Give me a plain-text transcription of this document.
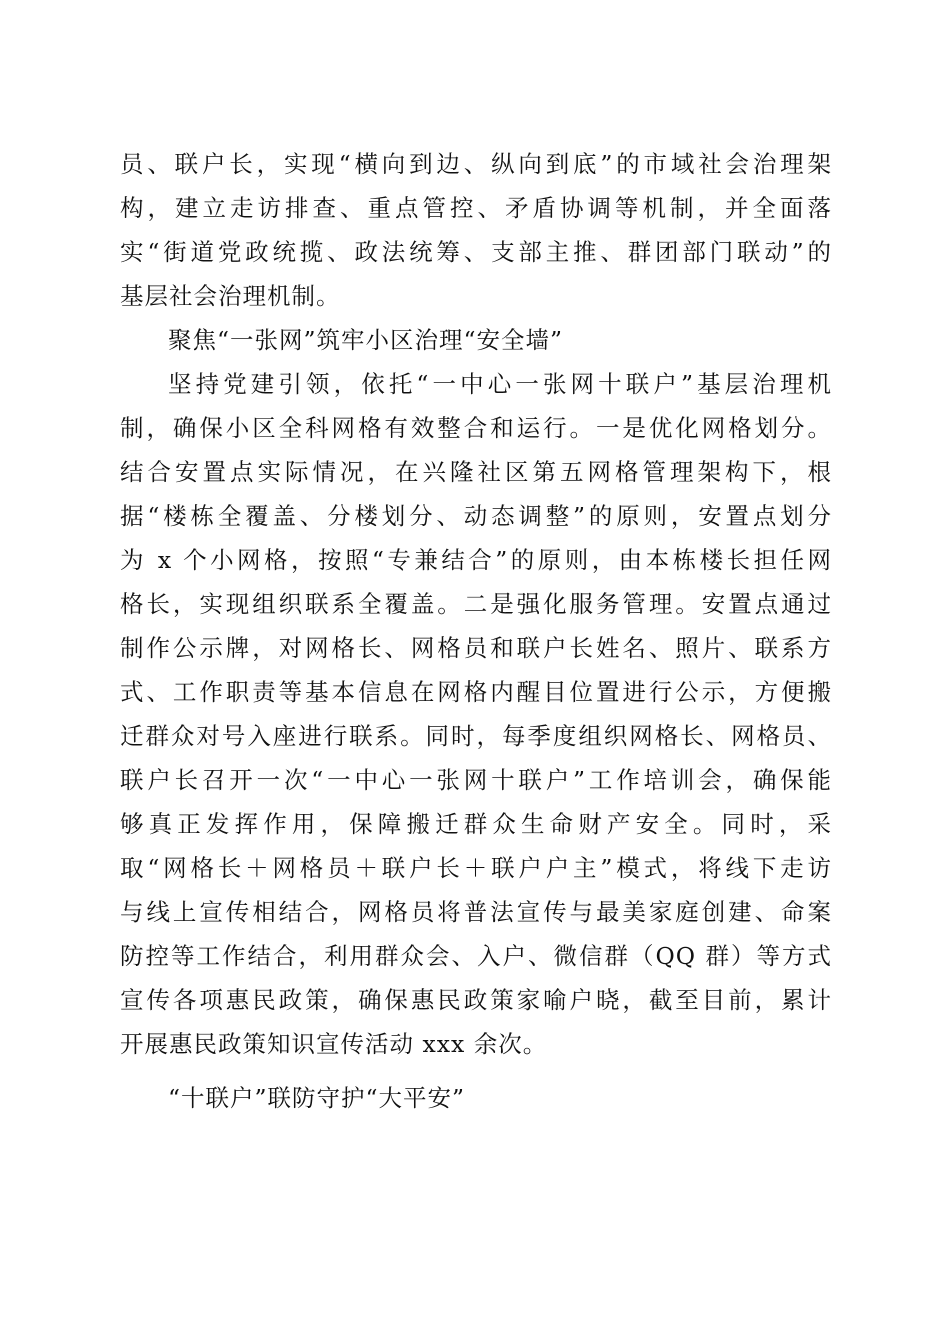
员、联户长，实现“横向到边、纵向到底”的市域社会治理架
构，建立走访排查、重点管控、矛盾协调等机制，并全面落
实“街道党政统揽、政法统筹、支部主推、群团部门联动”的
基层社会治理机制。
聚焦“一张网”筑牢小区治理“安全墙”
坚持党建引领，依托“一中心一张网十联户”基层治理机
制，确保小区全科网格有效整合和运行。一是优化网格划分。
结合安置点实际情况，在兴隆社区第五网格管理架构下，根
据“楼栋全覆盖、分楼划分、动态调整”的原则，安置点划分
为 x 个小网格，按照“专兼结合”的原则，由本栋楼长担任网
格长，实现组织联系全覆盖。二是强化服务管理。安置点通过
制作公示牌，对网格长、网格员和联户长姓名、照片、联系方
式、工作职责等基本信息在网格内醒目位置进行公示，方便搬
迁群众对号入座进行联系。同时，每季度组织网格长、网格员、
联户长召开一次“一中心一张网十联户”工作培训会，确保能
够真正发挥作用，保障搬迁群众生命财产安全。同时，采
取“网格长＋网格员＋联户长＋联户户主”模式，将线下走访
与线上宣传相结合，网格员将普法宣传与最美家庭创建、命案
防控等工作结合，利用群众会、入户、微信群（QQ 群）等方式
宣传各项惠民政策，确保惠民政策家喻户晓，截至目前，累计
开展惠民政策知识宣传活动 xxx 余次。
“十联户”联防守护“大平安”
